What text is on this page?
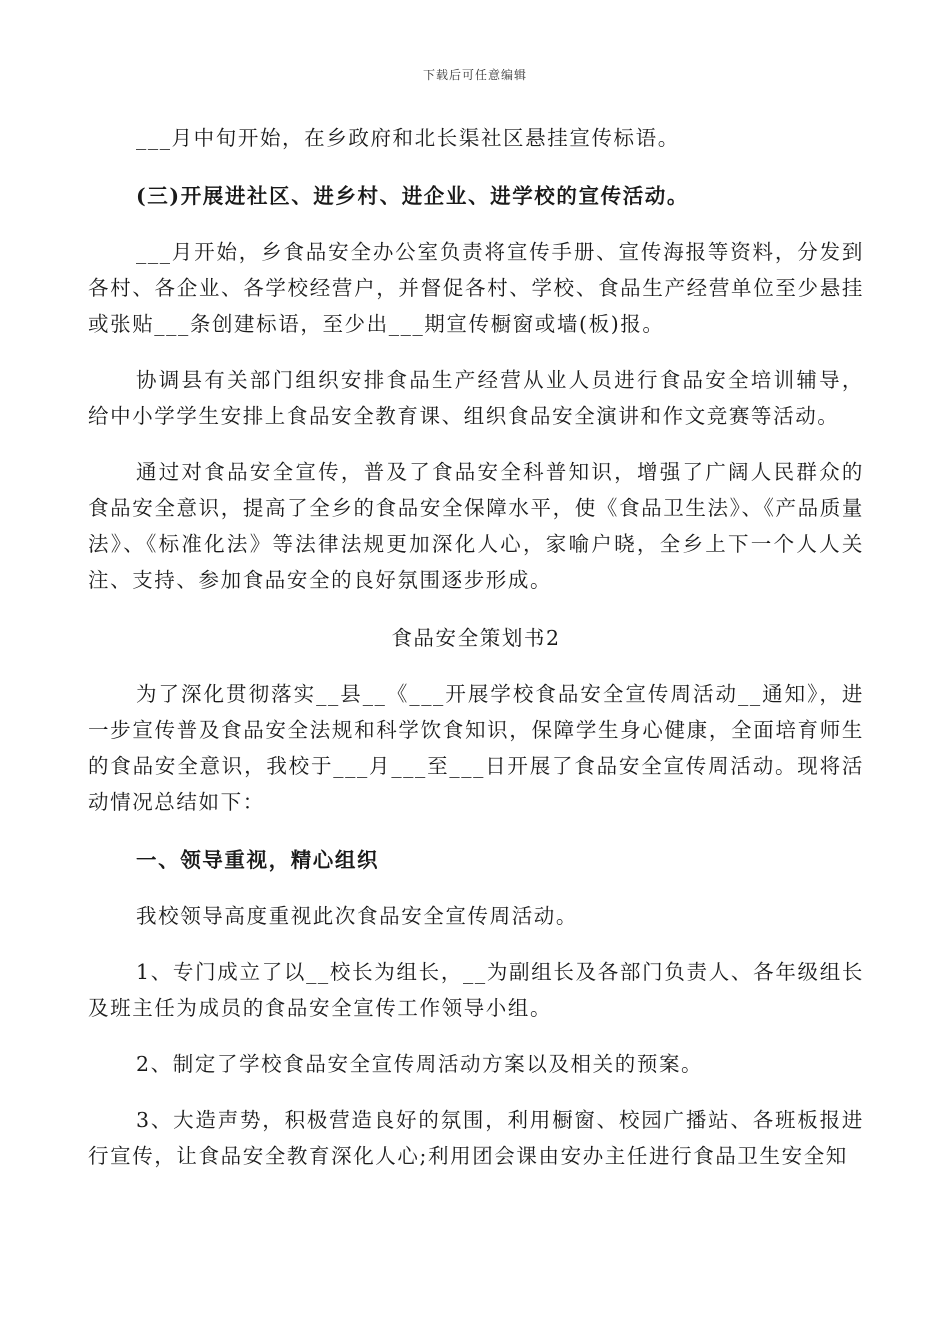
下载后可任意编辑

___月中旬开始，在乡政府和北长渠社区悬挂宣传标语。

(三)开展进社区、进乡村、进企业、进学校的宣传活动。

___月开始，乡食品安全办公室负责将宣传手册、宣传海报等资料，分发到各村、各企业、各学校经营户，并督促各村、学校、食品生产经营单位至少悬挂或张贴___条创建标语，至少出___期宣传橱窗或墙(板)报。

协调县有关部门组织安排食品生产经营从业人员进行食品安全培训辅导，给中小学学生安排上食品安全教育课、组织食品安全演讲和作文竞赛等活动。

通过对食品安全宣传，普及了食品安全科普知识，增强了广阔人民群众的食品安全意识，提高了全乡的食品安全保障水平，使《食品卫生法》、《产品质量法》、《标准化法》等法律法规更加深化人心，家喻户晓，全乡上下一个人人关注、支持、参加食品安全的良好氛围逐步形成。

食品安全策划书2

为了深化贯彻落实__县__《___开展学校食品安全宣传周活动__通知》，进一步宣传普及食品安全法规和科学饮食知识，保障学生身心健康，全面培育师生的食品安全意识，我校于___月___至___日开展了食品安全宣传周活动。现将活动情况总结如下：

一、领导重视，精心组织

我校领导高度重视此次食品安全宣传周活动。

1、专门成立了以__校长为组长，__为副组长及各部门负责人、各年级组长及班主任为成员的食品安全宣传工作领导小组。

2、制定了学校食品安全宣传周活动方案以及相关的预案。

3、大造声势，积极营造良好的氛围，利用橱窗、校园广播站、各班板报进行宣传，让食品安全教育深化人心;利用团会课由安办主任进行食品卫生安全知
